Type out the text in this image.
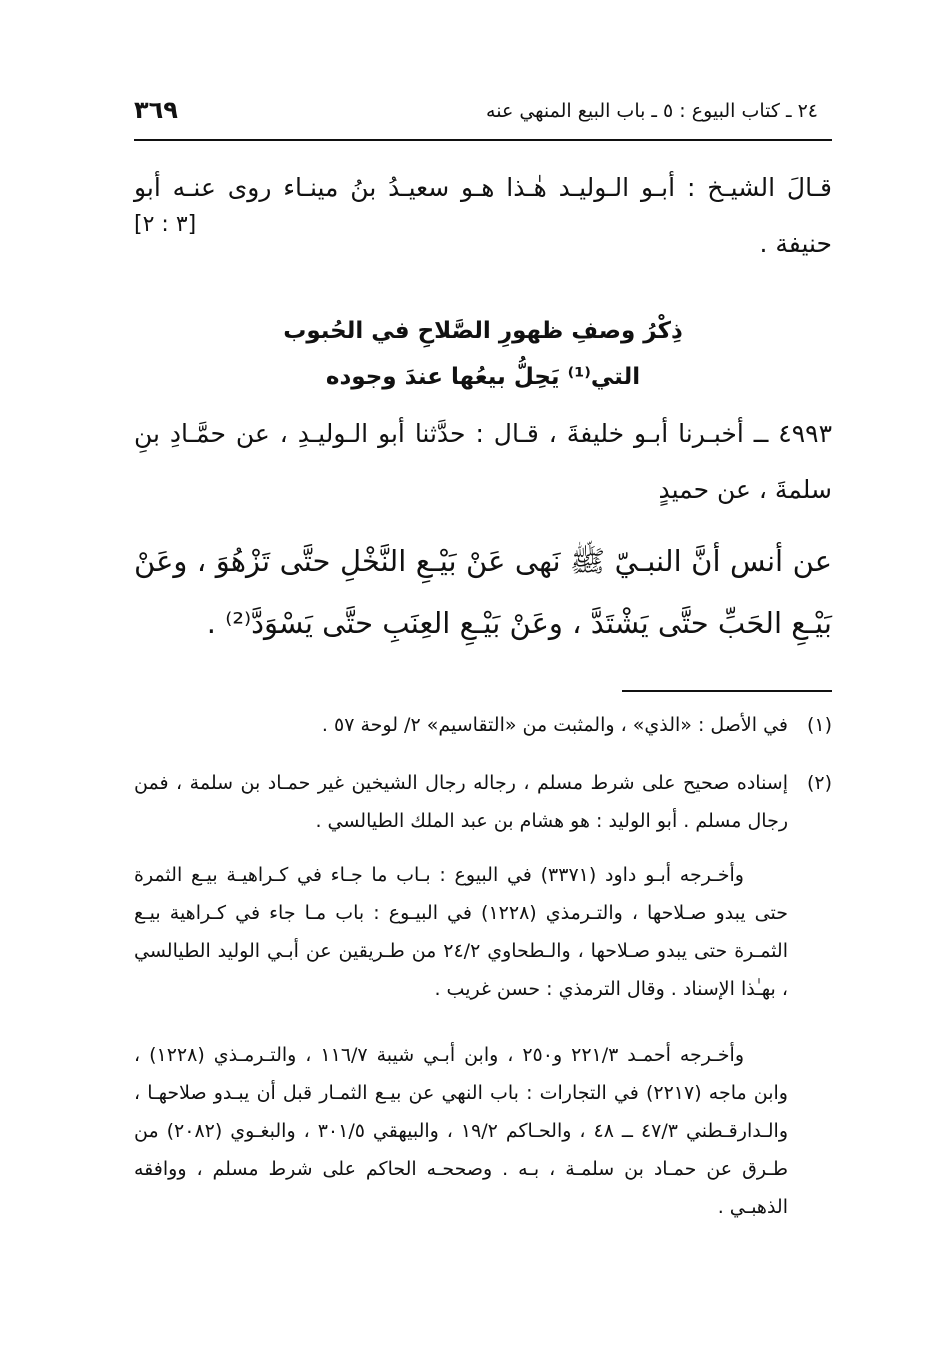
٢٤ ـ كتاب البيوع : ٥ ـ باب البيع المنهي عنه
٣٦٩
قـالَ الشيـخ : أبـو الـوليـد هٰـذا هـو سعيـدُ بنُ مينـاء روى عنـه أبو حنيفة .
[٣ : ٢]
ذِكْرُ وصفِ ظهورِ الصَّلاحِ في الحُبوب
التي⁽¹⁾ يَحِلُّ بيعُها عندَ وجوده
٤٩٩٣ ــ أخبـرنا أبـو خليفةَ ، قـال : حدَّثنا أبو الـوليـدِ ، عن حمَّـادِ بنِ سلمةَ ، عن حميدٍ
عن أنس أنَّ النبـيّ ﷺ نَهى عَنْ بَيْـعِ النَّخْلِ حتَّى تَزْهُوَ ، وعَنْ بَيْـعِ الحَبِّ حتَّى يَشْتَدَّ ، وعَنْ بَيْـعِ العِنَبِ حتَّى يَسْوَدَّ⁽²⁾ .
(١)في الأصل : «الذي» ، والمثبت من «التقاسيم» ٢/ لوحة ٥٧ .
(٢)
إسناده صحيح على شرط مسلم ، رجاله رجال الشيخين غير حمـاد بن سلمة ، فمن رجال مسلم . أبو الوليد : هو هشام بن عبد الملك الطيالسي .
وأخـرجه أبـو داود (٣٣٧١) في البيوع : بـاب ما جـاء في كـراهيـة بيـع الثمرة حتى يبدو صـلاحها ، والتـرمذي (١٢٢٨) في البيـوع : باب مـا جاء في كـراهية بيـع الثمـرة حتى يبدو صـلاحها ، والـطحاوي ٢٤/٢ من طـريقين عن أبـي الوليد الطيالسي ، بهـٰذا الإسناد . وقال الترمذي : حسن غريب .
وأخـرجه أحمـد ٢٢١/٣ و٢٥٠ ، وابن أبـي شيبة ١١٦/٧ ، والتـرمـذي (١٢٢٨) ، وابن ماجه (٢٢١٧) في التجارات : باب النهي عن بيـع الثمـار قبل أن يبـدو صلاحهـا ، والـدارقـطني ٤٧/٣ ــ ٤٨ ، والحـاكم ١٩/٢ ، والبيهقي ٣٠١/٥ ، والبغـوي (٢٠٨٢) من طـرق عن حمـاد بن سلمـة ، بـه . وصححـه الحاكم على شرط مسلم ، ووافقه الذهبـي .
